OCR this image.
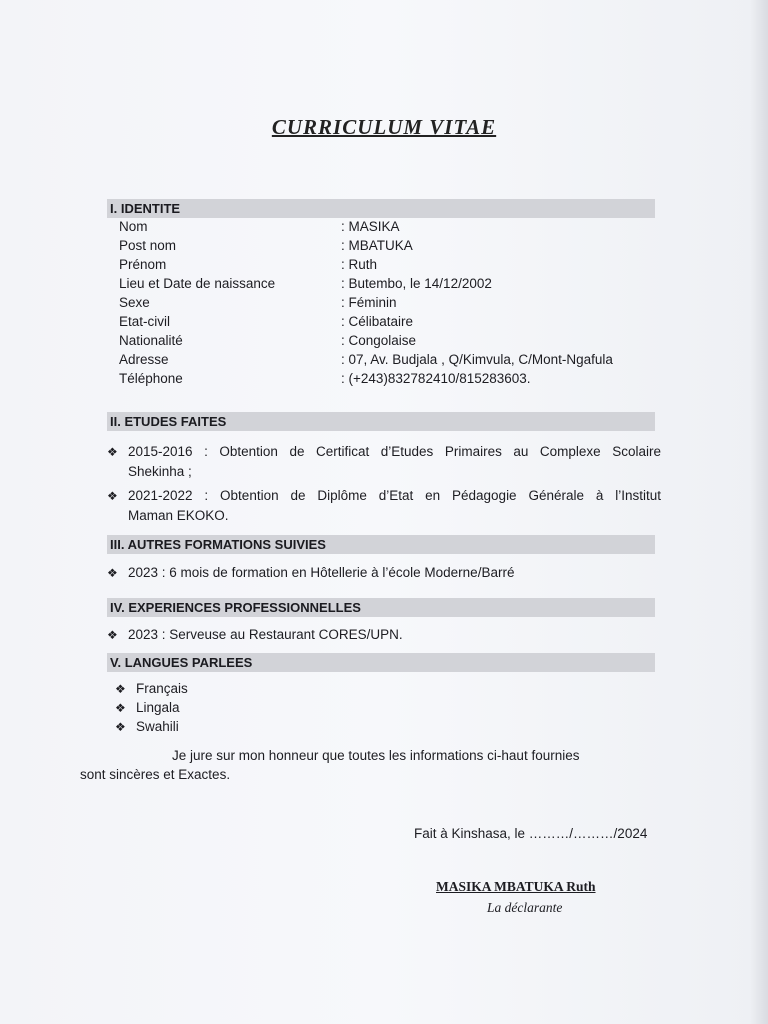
CURRICULUM VITAE
I. IDENTITE
Nom	: MASIKA
Post nom	: MBATUKA
Prénom	: Ruth
Lieu et Date de naissance	: Butembo, le 14/12/2002
Sexe	: Féminin
Etat-civil	: Célibataire
Nationalité	: Congolaise
Adresse	: 07, Av. Budjala , Q/Kimvula, C/Mont-Ngafula
Téléphone	: (+243)832782410/815283603.
II. ETUDES FAITES
❖ 2015-2016 : Obtention de Certificat d’Etudes Primaires au Complexe Scolaire
Shekinha ;
❖ 2021-2022 : Obtention de Diplôme d’Etat en Pédagogie Générale à l’Institut
Maman EKOKO.
III. AUTRES FORMATIONS SUIVIES
❖ 2023 : 6 mois de formation en Hôtellerie à l’école Moderne/Barré
IV. EXPERIENCES PROFESSIONNELLES
❖ 2023 : Serveuse au Restaurant CORES/UPN.
V. LANGUES PARLEES
❖ Français
❖ Lingala
❖ Swahili
Je jure sur mon honneur que toutes les informations ci-haut fournies
sont sincères et Exactes.
Fait à Kinshasa, le ………/………/2024
MASIKA MBATUKA Ruth
La déclarante
